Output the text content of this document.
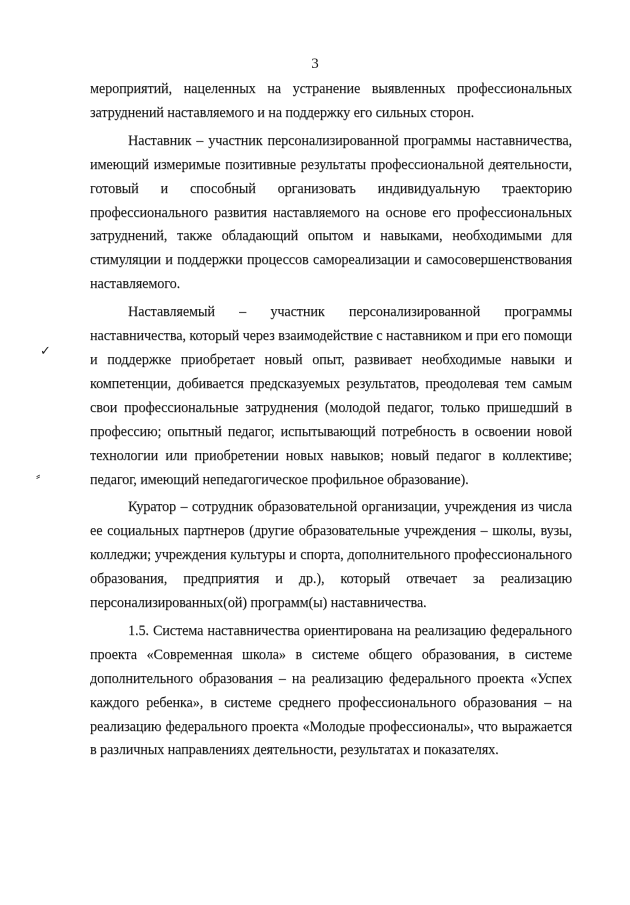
3

мероприятий, нацеленных на устранение выявленных профессиональных затруднений наставляемого и на поддержку его сильных сторон.

Наставник – участник персонализированной программы наставничества, имеющий измеримые позитивные результаты профессиональной деятельности, готовый и способный организовать индивидуальную траекторию профессионального развития наставляемого на основе его профессиональных затруднений, также обладающий опытом и навыками, необходимыми для стимуляции и поддержки процессов самореализации и самосовершенствования наставляемого.

Наставляемый – участник персонализированной программы наставничества, который через взаимодействие с наставником и при его помощи и поддержке приобретает новый опыт, развивает необходимые навыки и компетенции, добивается предсказуемых результатов, преодолевая тем самым свои профессиональные затруднения (молодой педагог, только пришедший в профессию; опытный педагог, испытывающий потребность в освоении новой технологии или приобретении новых навыков; новый педагог в коллективе; педагог, имеющий непедагогическое профильное образование).

Куратор – сотрудник образовательной организации, учреждения из числа ее социальных партнеров (другие образовательные учреждения – школы, вузы, колледжи; учреждения культуры и спорта, дополнительного профессионального образования, предприятия и др.), который отвечает за реализацию персонализированных(ой) программ(ы) наставничества.

1.5. Система наставничества ориентирована на реализацию федерального проекта «Современная школа» в системе общего образования, в системе дополнительного образования – на реализацию федерального проекта «Успех каждого ребенка», в системе среднего профессионального образования – на реализацию федерального проекта «Молодые профессионалы», что выражается в различных направлениях деятельности, результатах и показателях.

✓
⸗
